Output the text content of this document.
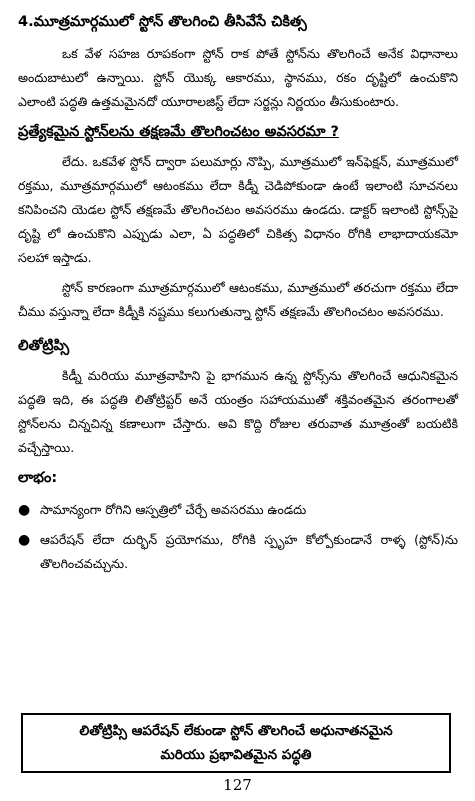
4.మూత్రమార్గములో స్టోన్ తొలగించి తీసివేసే చికిత్స

ఒక వేళ సహజ రూపకంగా స్టోన్ రాక పోతే స్టోన్‌ను తొలగించే అనేక విధానాలు అందుబాటులో ఉన్నాయి. స్టోన్ యొక్క ఆకారము, స్థానము, రకం దృష్టిలో ఉంచుకొని ఎలాంటి పద్ధతి ఉత్తమమైనదో యూరాలజిస్ట్ లేదా సర్జన్లు నిర్ణయం తీసుకుంటారు.

ప్రత్యేకమైన స్టోన్‌లను తక్షణమే తొలగించటం అవసరమా ?

లేదు. ఒకవేళ స్టోన్ ద్వారా పలుమార్లు నొప్పి, మూత్రములో ఇన్‌ఫెక్షన్, మూత్రములో రక్తము, మూత్రమార్గములో ఆటంకము లేదా కిడ్నీ చెడిపోకుండా ఉంటే ఇలాంటి సూచనలు కనిపించని యెడల స్టోన్ తక్షణమే తొలగించటం అవసరము ఉండదు. డాక్టర్ ఇలాంటి స్టోన్స్‌పై దృష్టి లో ఉంచుకొని ఎప్పుడు ఎలా, ఏ పద్ధతిలో చికిత్స విధానం రోగికి లాభాదాయకమో సలహా ఇస్తాడు.

స్టోన్ కారణంగా మూత్రమార్గములో ఆటంకము, మూత్రములో తరచుగా రక్తము లేదా చీము వస్తున్నా లేదా కిడ్నీకి నష్టము కలుగుతున్నా స్టోన్ తక్షణమే తొలగించటం అవసరము.

లితోట్రిప్సి

కిడ్నీ మరియు మూత్రవాహిని పై భాగమున ఉన్న స్టోన్స్‌ను తొలగించే ఆధునికమైన పద్ధతి ఇది, ఈ పద్ధతి లితోట్రిప్టర్ అనే యంత్రం సహాయముతో శక్తివంతమైన తరంగాలతో స్టోన్‌లను చిన్నచిన్న కణాలుగా చేస్తారు. అవి కొద్ది రోజుల తరువాత మూత్రంతో బయటికి వచ్చేస్తాయి.

లాభం:
● సామాన్యంగా రోగిని ఆస్పత్రిలో చేర్చే అవసరము ఉండదు
● ఆపరేషన్ లేదా దుర్భిన్ ప్రయోగము, రోగికి స్పృహ కోల్పోకుండానే రాళ్ళ (స్టోన్)ను తొలగించవచ్చును.
లితోట్రిప్సి ఆపరేషన్ లేకుండా స్టోన్ తొలగించే అధునాతనమైన
మరియు ప్రభావితమైన పద్ధతి
127
